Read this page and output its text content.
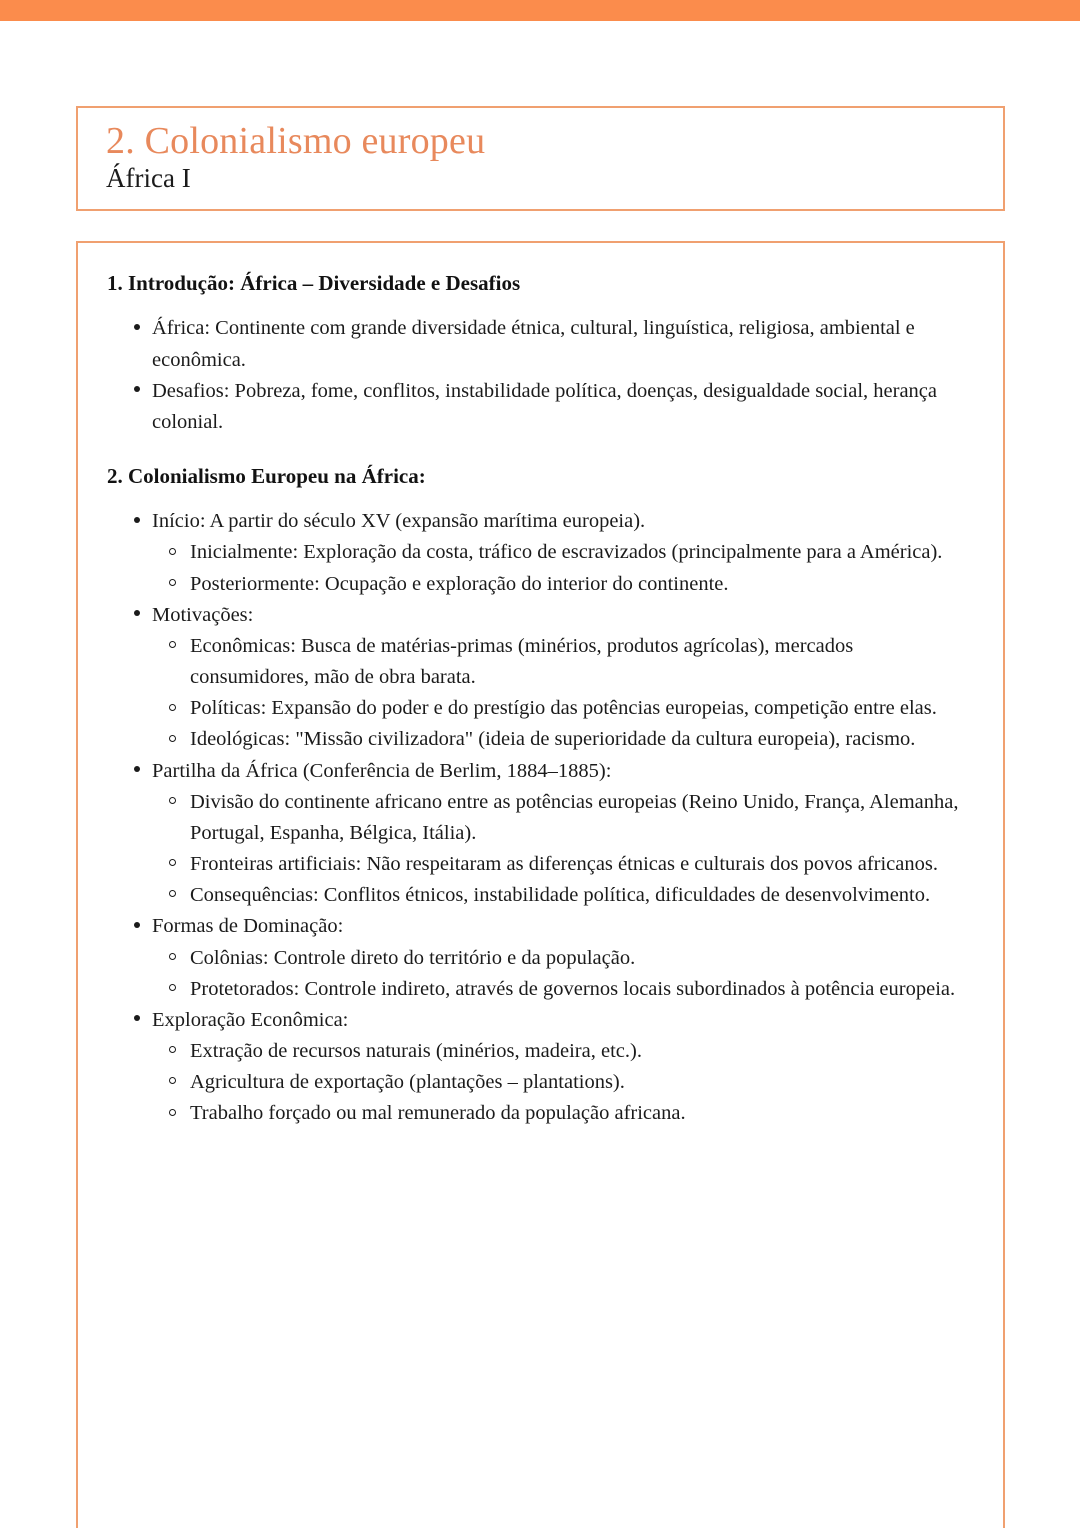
2. Colonialismo europeu
África I
1. Introdução: África – Diversidade e Desafios
África: Continente com grande diversidade étnica, cultural, linguística, religiosa, ambiental e econômica.
Desafios: Pobreza, fome, conflitos, instabilidade política, doenças, desigualdade social, herança colonial.
2. Colonialismo Europeu na África:
Início: A partir do século XV (expansão marítima europeia).
Inicialmente: Exploração da costa, tráfico de escravizados (principalmente para a América).
Posteriormente: Ocupação e exploração do interior do continente.
Motivações:
Econômicas: Busca de matérias-primas (minérios, produtos agrícolas), mercados consumidores, mão de obra barata.
Políticas: Expansão do poder e do prestígio das potências europeias, competição entre elas.
Ideológicas: "Missão civilizadora" (ideia de superioridade da cultura europeia), racismo.
Partilha da África (Conferência de Berlim, 1884–1885):
Divisão do continente africano entre as potências europeias (Reino Unido, França, Alemanha, Portugal, Espanha, Bélgica, Itália).
Fronteiras artificiais: Não respeitaram as diferenças étnicas e culturais dos povos africanos.
Consequências: Conflitos étnicos, instabilidade política, dificuldades de desenvolvimento.
Formas de Dominação:
Colônias: Controle direto do território e da população.
Protetorados: Controle indireto, através de governos locais subordinados à potência europeia.
Exploração Econômica:
Extração de recursos naturais (minérios, madeira, etc.).
Agricultura de exportação (plantações – plantations).
Trabalho forçado ou mal remunerado da população africana.
